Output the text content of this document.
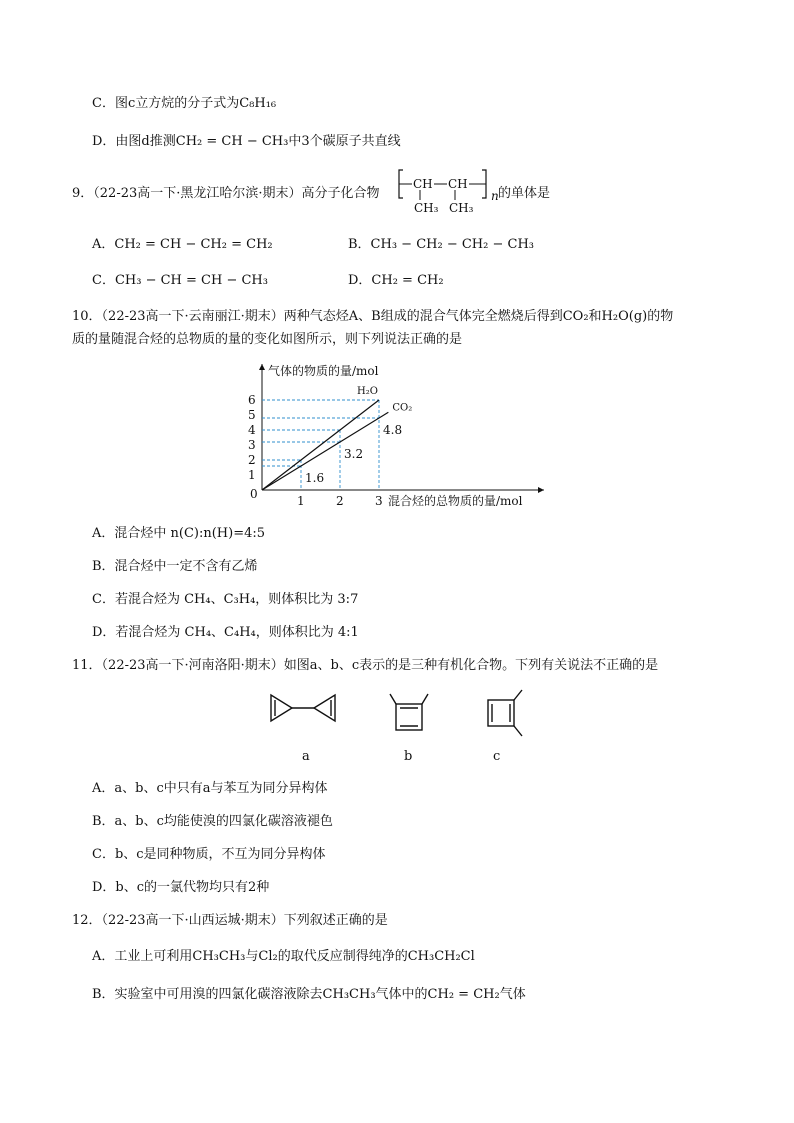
C．图c立方烷的分子式为C₈H₁₆
D．由图d推测CH₂ = CH − CH₃中3个碳原子共直线
9．（22-23高一下·黑龙江哈尔滨·期末）高分子化合物
CH CH
n
CH₃ CH₃
的单体是
A．CH₂ = CH − CH₂ = CH₂	B．CH₃ − CH₂ − CH₂ − CH₃
C．CH₃ − CH = CH − CH₃	D．CH₂ = CH₂
10．（22-23高一下·云南丽江·期末）两种气态烃A、B组成的混合气体完全燃烧后得到CO₂和H₂O(g)的物
质的量随混合烃的总物质的量的变化如图所示，则下列说法正确的是
气体的物质的量/mol
混合烃的总物质的量/mol
0
1
2
3
4
5
6
1	2	3
H₂O
CO₂
1.6
3.2
4.8
A．混合烃中 n(C):n(H)=4:5
B．混合烃中一定不含有乙烯
C．若混合烃为 CH₄、C₃H₄，则体积比为 3:7
D．若混合烃为 CH₄、C₄H₄，则体积比为 4:1
11．（22-23高一下·河南洛阳·期末）如图a、b、c表示的是三种有机化合物。下列有关说法不正确的是
a	b	c
A．a、b、c中只有a与苯互为同分异构体
B．a、b、c均能使溴的四氯化碳溶液褪色
C．b、c是同种物质，不互为同分异构体
D．b、c的一氯代物均只有2种
12．（22-23高一下·山西运城·期末）下列叙述正确的是
A．工业上可利用CH₃CH₃与Cl₂的取代反应制得纯净的CH₃CH₂Cl
B．实验室中可用溴的四氯化碳溶液除去CH₃CH₃气体中的CH₂ = CH₂气体
